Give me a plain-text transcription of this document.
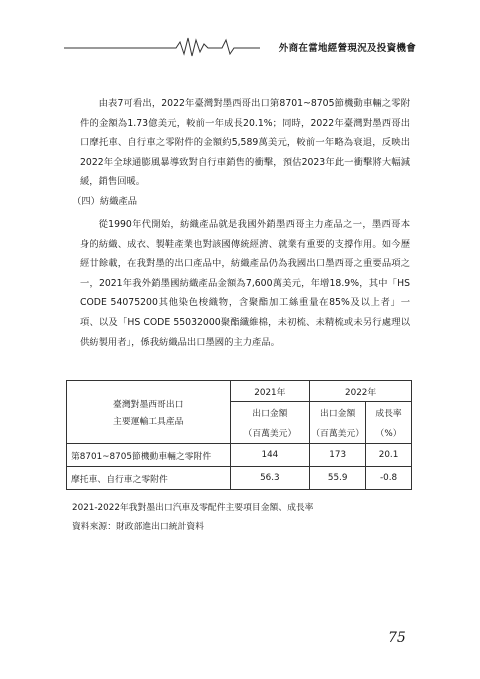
外商在當地經營現況及投資機會

由表7可看出，2022年臺灣對墨西哥出口第8701~8705節機動車輛之零附件的金額為1.73億美元，較前一年成長20.1%；同時，2022年臺灣對墨西哥出口摩托車、自行車之零附件的金額約5,589萬美元，較前一年略為衰退，反映出2022年全球通膨風暴導致對自行車銷售的衝擊，預估2023年此一衝擊將大幅減緩，銷售回暖。

（四）紡織產品

從1990年代開始，紡織產品就是我國外銷墨西哥主力產品之一，墨西哥本身的紡織、成衣、製鞋產業也對該國傳統經濟、就業有重要的支撐作用。如今歷經廿餘載，在我對墨的出口產品中，紡織產品仍為我國出口墨西哥之重要品項之一，2021年我外銷墨國紡織產品金額為7,600萬美元，年增18.9%，其中「HS CODE 54075200其他染色梭織物，含聚酯加工絲重量在85%及以上者」一項、以及「HS CODE 55032000聚酯纖維棉，未初梳、未精梳或未另行處理以供紡製用者」，係我紡織品出口墨國的主力產品。

臺灣對墨西哥出口
主要運輸工具產品	2021年	2022年	
	出口金額	出口金額	成長率
	（百萬美元）	（百萬美元）	（%）
第8701~8705節機動車輛之零附件	144	173	20.1
摩托車、自行車之零附件	56.3	55.9	-0.8
2021-2022年我對墨出口汽車及零配件主要項目金額、成長率
資料來源：財政部進出口統計資料
75
